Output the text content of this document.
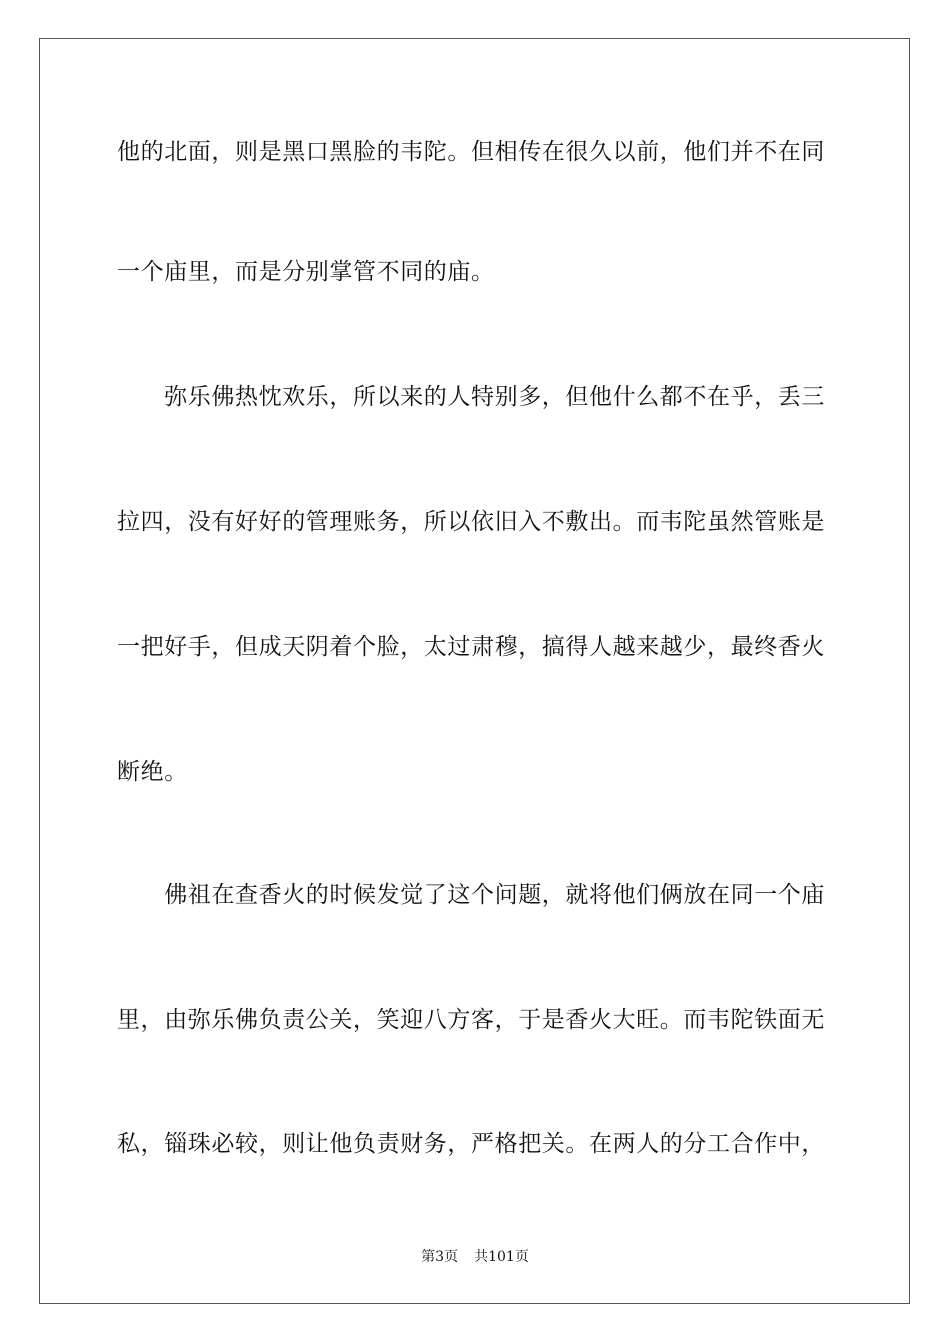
他的北面，则是黑口黑脸的韦陀。但相传在很久以前，他们并不在同
一个庙里，而是分别掌管不同的庙。
　　弥乐佛热忱欢乐，所以来的人特别多，但他什么都不在乎，丢三
拉四，没有好好的管理账务，所以依旧入不敷出。而韦陀虽然管账是
一把好手，但成天阴着个脸，太过肃穆，搞得人越来越少，最终香火
断绝。
　　佛祖在查香火的时候发觉了这个问题，就将他们俩放在同一个庙
里，由弥乐佛负责公关，笑迎八方客，于是香火大旺。而韦陀铁面无
私，锱珠必较，则让他负责财务，严格把关。在两人的分工合作中，
第3页 共101页
